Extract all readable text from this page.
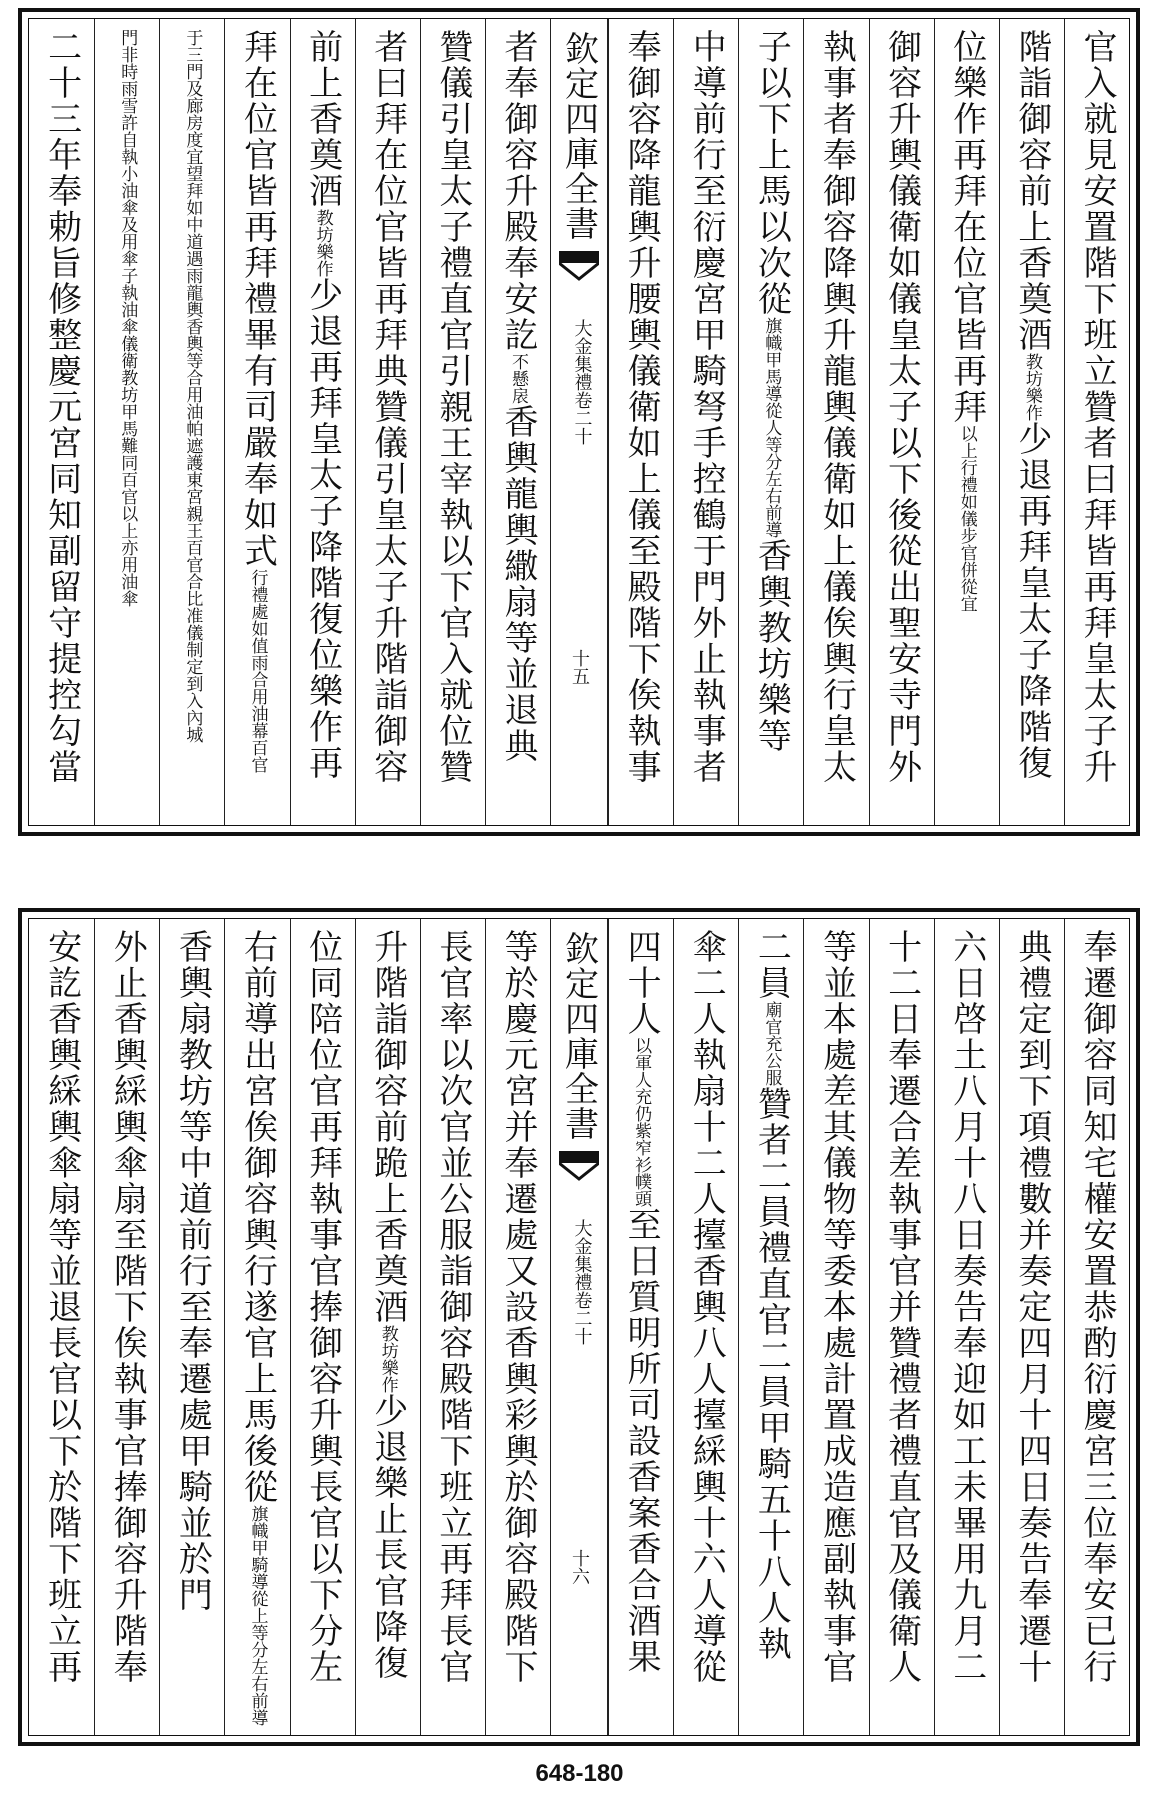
官入就見安置階下班立贊者曰拜皆再拜皇太子升
階詣御容前上香奠酒教坊樂作少退再拜皇太子降階復
位樂作再拜在位官皆再拜以上行禮如儀步官併從宜
御容升輿儀衛如儀皇太子以下後從出聖安寺門外
執事者奉御容降輿升龍輿儀衛如上儀俟輿行皇太
子以下上馬以次從旗幟甲馬導從人等分左右前導香輿教坊樂等
中導前行至衍慶宮甲騎弩手控鶴于門外止執事者
奉御容降龍輿升腰輿儀衛如上儀至殿階下俟執事
欽定四庫全書
大金集禮卷二十
十五
者奉御容升殿奉安訖不懸扆香輿龍輿繖扇等並退典
贊儀引皇太子禮直官引親王宰執以下官入就位贊
者曰拜在位官皆再拜典贊儀引皇太子升階詣御容
前上香奠酒教坊樂作少退再拜皇太子降階復位樂作再
拜在位官皆再拜禮畢有司嚴奉如式行禮處如值雨合用油幕百官
于三門及廊房度宜望拜如中道遇雨龍輿香輿等合用油帕遮護東宮親王百官合比准儀制定到入內城
門非時雨雪許自執小油傘及用傘子執油傘儀衛教坊甲馬難同百官以上亦用油傘
二十三年奉勅旨修整慶元宮同知副留守提控勾當
奉遷御容同知宅權安置恭酌衍慶宮三位奉安已行
典禮定到下項禮數并奏定四月十四日奏告奉遷十
六日啓土八月十八日奏告奉迎如工未畢用九月二
十二日奉遷合差執事官并贊禮者禮直官及儀衛人
等並本處差其儀物等委本處計置成造應副執事官
二員廟官充公服贊者二員禮直官二員甲騎五十八人執
傘二人執扇十二人擡香輿八人擡綵輿十六人導從
四十人以軍人充仍紫窄衫幞頭至日質明所司設香案香合酒果
欽定四庫全書
大金集禮卷二十
十六
等於慶元宮并奉遷處又設香輿彩輿於御容殿階下
長官率以次官並公服詣御容殿階下班立再拜長官
升階詣御容前跪上香奠酒教坊樂作少退樂止長官降復
位同陪位官再拜執事官捧御容升輿長官以下分左
右前導出宮俟御容輿行遂官上馬後從旗幟甲騎導從上等分左右前導
香輿扇教坊等中道前行至奉遷處甲騎並於門
外止香輿綵輿傘扇至階下俟執事官捧御容升階奉
安訖香輿綵輿傘扇等並退長官以下於階下班立再
648-180
